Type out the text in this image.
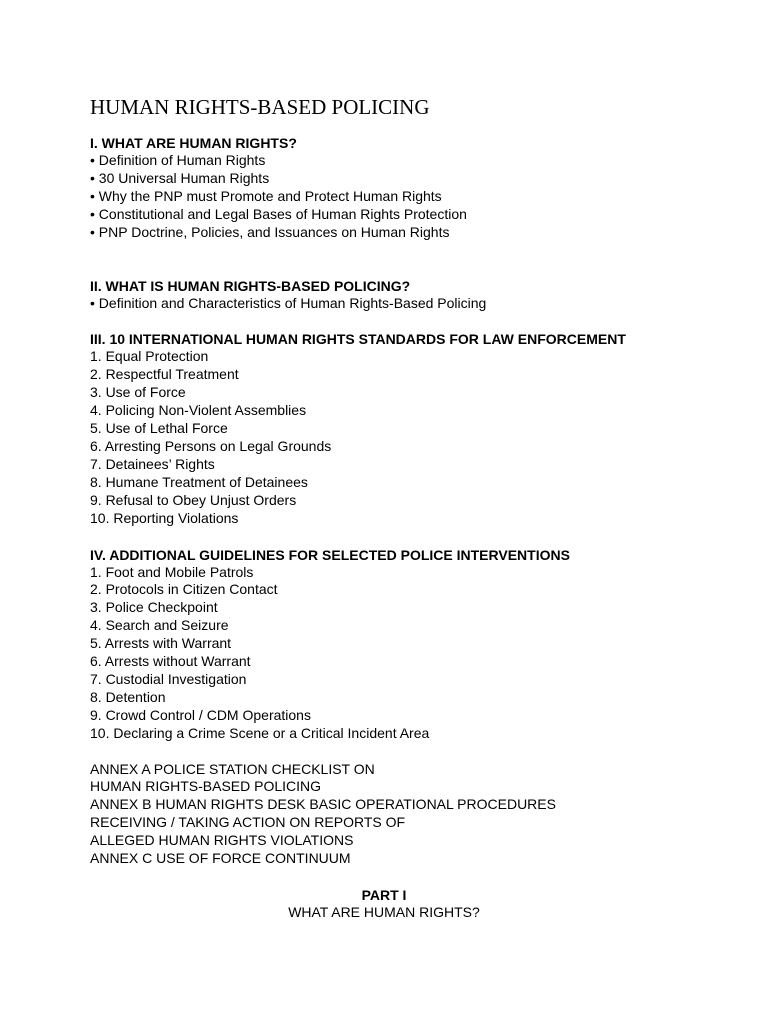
HUMAN RIGHTS-BASED POLICING

I. WHAT ARE HUMAN RIGHTS?

• Definition of Human Rights

• 30 Universal Human Rights

• Why the PNP must Promote and Protect Human Rights

• Constitutional and Legal Bases of Human Rights Protection

• PNP Doctrine, Policies, and Issuances on Human Rights

II. WHAT IS HUMAN RIGHTS-BASED POLICING?

• Definition and Characteristics of Human Rights-Based Policing

III. 10 INTERNATIONAL HUMAN RIGHTS STANDARDS FOR LAW ENFORCEMENT

1. Equal Protection

2. Respectful Treatment

3. Use of Force

4. Policing Non-Violent Assemblies

5. Use of Lethal Force

6. Arresting Persons on Legal Grounds

7. Detainees’ Rights

8. Humane Treatment of Detainees

9. Refusal to Obey Unjust Orders

10. Reporting Violations

IV. ADDITIONAL GUIDELINES FOR SELECTED POLICE INTERVENTIONS

1. Foot and Mobile Patrols

2. Protocols in Citizen Contact

3. Police Checkpoint

4. Search and Seizure

5. Arrests with Warrant

6. Arrests without Warrant

7. Custodial Investigation

8. Detention

9. Crowd Control / CDM Operations

10. Declaring a Crime Scene or a Critical Incident Area

ANNEX A POLICE STATION CHECKLIST ON

HUMAN RIGHTS-BASED POLICING

ANNEX B HUMAN RIGHTS DESK BASIC OPERATIONAL PROCEDURES

RECEIVING / TAKING ACTION ON REPORTS OF

ALLEGED HUMAN RIGHTS VIOLATIONS

ANNEX C USE OF FORCE CONTINUUM

PART I

WHAT ARE HUMAN RIGHTS?
